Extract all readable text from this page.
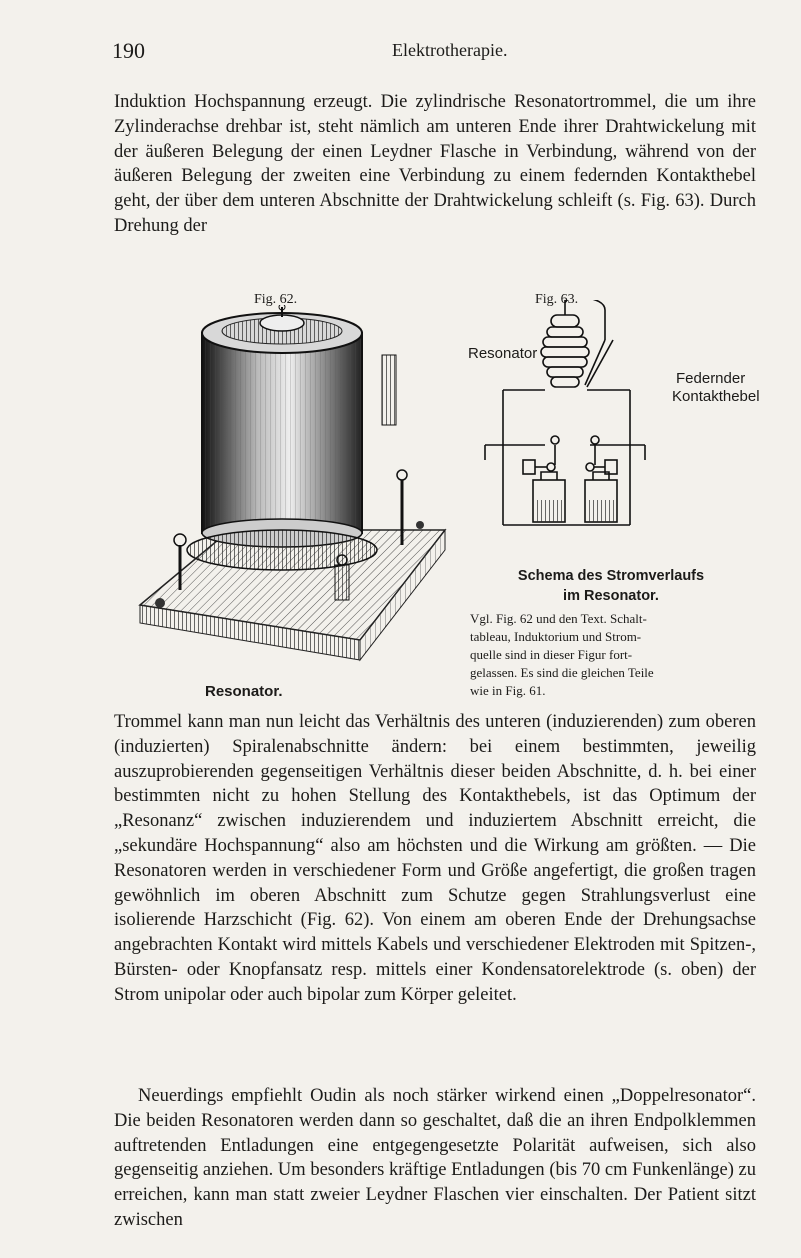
190	Elektrotherapie.

Induktion Hochspannung erzeugt. Die zylindrische Resonatortrommel, die um ihre Zylinderachse drehbar ist, steht nämlich am unteren Ende ihrer Drahtwickelung mit der äußeren Belegung der einen Leydner Flasche in Verbindung, während von der äußeren Belegung der zweiten eine Verbindung zu einem federnden Kontakthebel geht, der über dem unteren Abschnitte der Drahtwickelung schleift (s. Fig. 63). Durch Drehung der

Fig. 62.	Fig. 63.
Resonator.
Resonator
Federnder
Kontakthebel
Schema des Stromverlaufs
im Resonator.
Vgl. Fig. 62 und den Text. Schalt-
tableau, Induktorium und Strom-
quelle sind in dieser Figur fort-
gelassen. Es sind die gleichen Teile
wie in Fig. 61.

Trommel kann man nun leicht das Verhältnis des unteren (induzierenden) zum oberen (induzierten) Spiralenabschnitte ändern: bei einem bestimmten, jeweilig auszuprobierenden gegenseitigen Verhältnis dieser beiden Abschnitte, d. h. bei einer bestimmten nicht zu hohen Stellung des Kontakthebels, ist das Optimum der „Resonanz“ zwischen induzierendem und induziertem Abschnitt erreicht, die „sekundäre Hochspannung“ also am höchsten und die Wirkung am größten. — Die Resonatoren werden in verschiedener Form und Größe angefertigt, die großen tragen gewöhnlich im oberen Abschnitt zum Schutze gegen Strahlungsverlust eine isolierende Harzschicht (Fig. 62). Von einem am oberen Ende der Drehungsachse angebrachten Kontakt wird mittels Kabels und verschiedener Elektroden mit Spitzen-, Bürsten- oder Knopfansatz resp. mittels einer Kondensatorelektrode (s. oben) der Strom unipolar oder auch bipolar zum Körper geleitet.

Neuerdings empfiehlt Oudin als noch stärker wirkend einen „Doppelresonator“. Die beiden Resonatoren werden dann so geschaltet, daß die an ihren Endpolklemmen auftretenden Entladungen eine entgegengesetzte Polarität aufweisen, sich also gegenseitig anziehen. Um besonders kräftige Entladungen (bis 70 cm Funkenlänge) zu erreichen, kann man statt zweier Leydner Flaschen vier einschalten. Der Patient sitzt zwischen
